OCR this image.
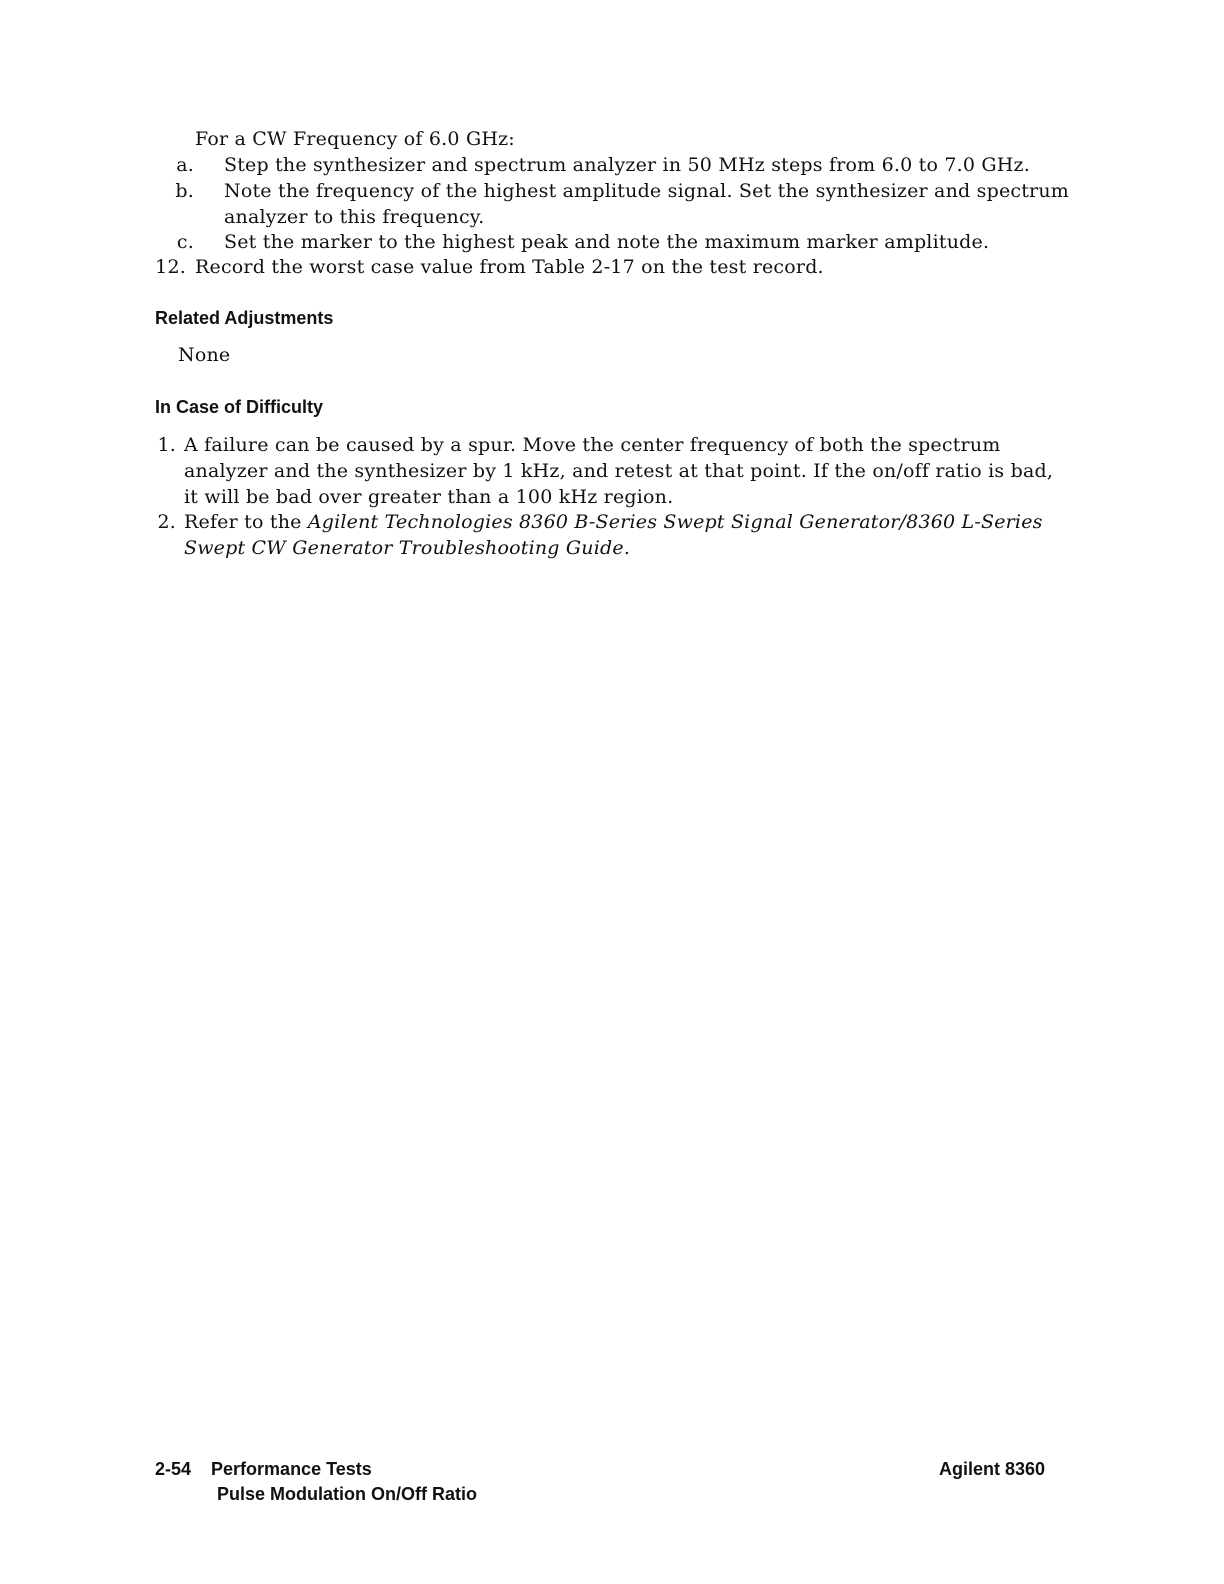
For a CW Frequency of 6.0 GHz:
a. Step the synthesizer and spectrum analyzer in 50 MHz steps from 6.0 to 7.0 GHz.
b. Note the frequency of the highest amplitude signal. Set the synthesizer and spectrum
analyzer to this frequency.
c. Set the marker to the highest peak and note the maximum marker amplitude.
12. Record the worst case value from Table 2-17 on the test record.
Related Adjustments
None
In Case of Difficulty
1. A failure can be caused by a spur. Move the center frequency of both the spectrum
analyzer and the synthesizer by 1 kHz, and retest at that point. If the on/off ratio is bad,
it will be bad over greater than a 100 kHz region.
2. Refer to the Agilent Technologies 8360 B-Series Swept Signal Generator/8360 L-Series
Swept CW Generator Troubleshooting Guide.
2-54 Performance Tests
Pulse Modulation On/Off Ratio
Agilent 8360
